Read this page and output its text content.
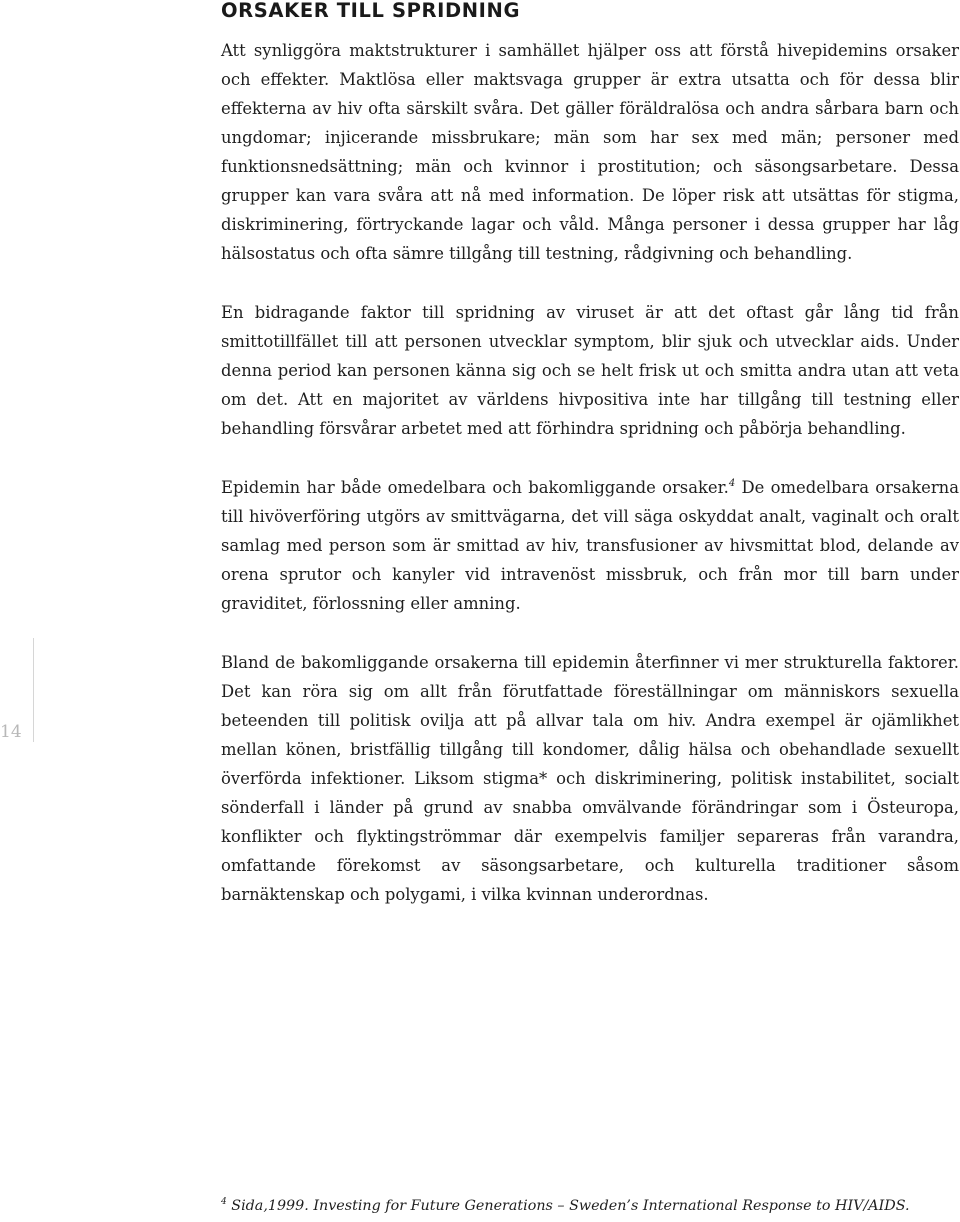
ORSAKER TILL SPRIDNING

Att synliggöra maktstrukturer i samhället hjälper oss att förstå hivepidemins orsaker och effekter. Maktlösa eller maktsvaga grupper är extra utsatta och för dessa blir effekterna av hiv ofta särskilt svåra. Det gäller föräldralösa och andra sårbara barn och ungdomar; injicerande missbrukare; män som har sex med män; personer med funktionsnedsättning; män och kvinnor i prostitution; och säsongsarbetare. Dessa grupper kan vara svåra att nå med information. De löper risk att utsättas för stigma, diskriminering, förtryckande lagar och våld. Många personer i dessa grupper har låg hälsostatus och ofta sämre tillgång till testning, rådgivning och behandling.

En bidragande faktor till spridning av viruset är att det oftast går lång tid från smittotillfället till att personen utvecklar symptom, blir sjuk och utvecklar aids. Under denna period kan personen känna sig och se helt frisk ut och smitta andra utan att veta om det. Att en majoritet av världens hivpositiva inte har tillgång till testning eller behandling försvårar arbetet med att förhindra spridning och påbörja behandling.

Epidemin har både omedelbara och bakomliggande orsaker.$^4$ De omedelbara orsakerna till hivöverföring utgörs av smittvägarna, det vill säga oskyddat analt, vaginalt och oralt samlag med person som är smittad av hiv, transfusioner av hivsmittat blod, delande av orena sprutor och kanyler vid intravenöst missbruk, och från mor till barn under graviditet, förlossning eller amning.

Bland de bakomliggande orsakerna till epidemin återfinner vi mer strukturella faktorer. Det kan röra sig om allt från förutfattade föreställningar om människors sexuella beteenden till politisk ovilja att på allvar tala om hiv. Andra exempel är ojämlikhet mellan könen, bristfällig tillgång till kondomer, dålig hälsa och obehandlade sexuellt överförda infektioner. Liksom stigma* och diskriminering, politisk instabilitet, socialt sönderfall i länder på grund av snabba omvälvande förändringar som i Östeuropa, konflikter och flyktingströmmar där exempelvis familjer separeras från varandra, omfattande förekomst av säsongsarbetare, och kulturella traditioner såsom barnäktenskap och polygami, i vilka kvinnan underordnas.

14
$^4$ Sida,1999. Investing for Future Generations – Sweden’s International Response to HIV/AIDS.
